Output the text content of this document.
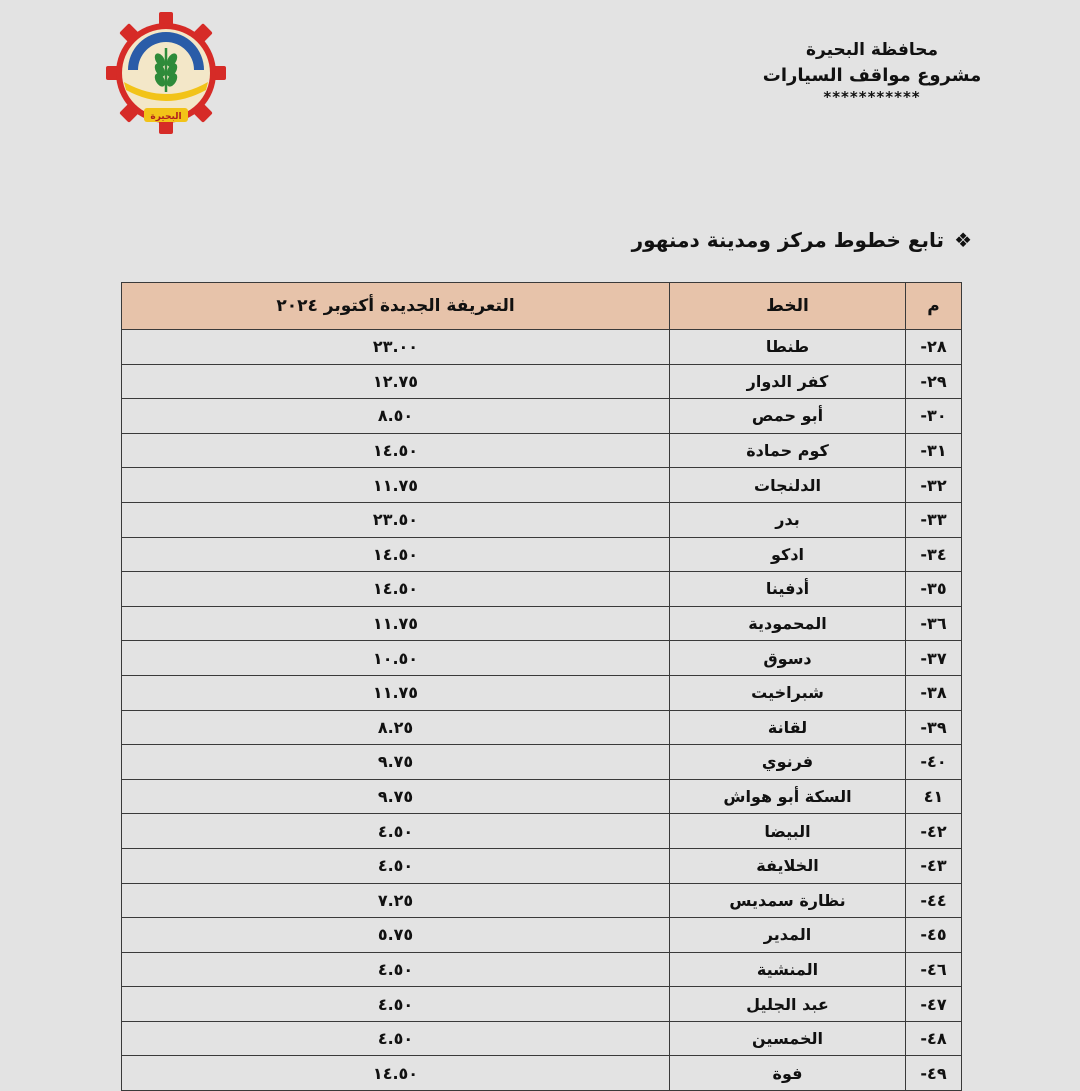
البحيرة
محافظة البحيرة
مشروع مواقف السيارات
***********
❖
تابع خطوط مركز ومدينة دمنهور
م	الخط	التعريفة الجديدة أكتوبر ٢٠٢٤
٢٨-	طنطا	٢٣.٠٠
٢٩-	كفر الدوار	١٢.٧٥
٣٠-	أبو حمص	٨.٥٠
٣١-	كوم حمادة	١٤.٥٠
٣٢-	الدلنجات	١١.٧٥
٣٣-	بدر	٢٣.٥٠
٣٤-	ادكو	١٤.٥٠
٣٥-	أدفينا	١٤.٥٠
٣٦-	المحمودية	١١.٧٥
٣٧-	دسوق	١٠.٥٠
٣٨-	شبراخيت	١١.٧٥
٣٩-	لقانة	٨.٢٥
٤٠-	فرنوي	٩.٧٥
٤١	السكة أبو هواش	٩.٧٥
٤٢-	البيضا	٤.٥٠
٤٣-	الخلايفة	٤.٥٠
٤٤-	نظارة سمديس	٧.٢٥
٤٥-	المدير	٥.٧٥
٤٦-	المنشية	٤.٥٠
٤٧-	عبد الجليل	٤.٥٠
٤٨-	الخمسين	٤.٥٠
٤٩-	فوة	١٤.٥٠
